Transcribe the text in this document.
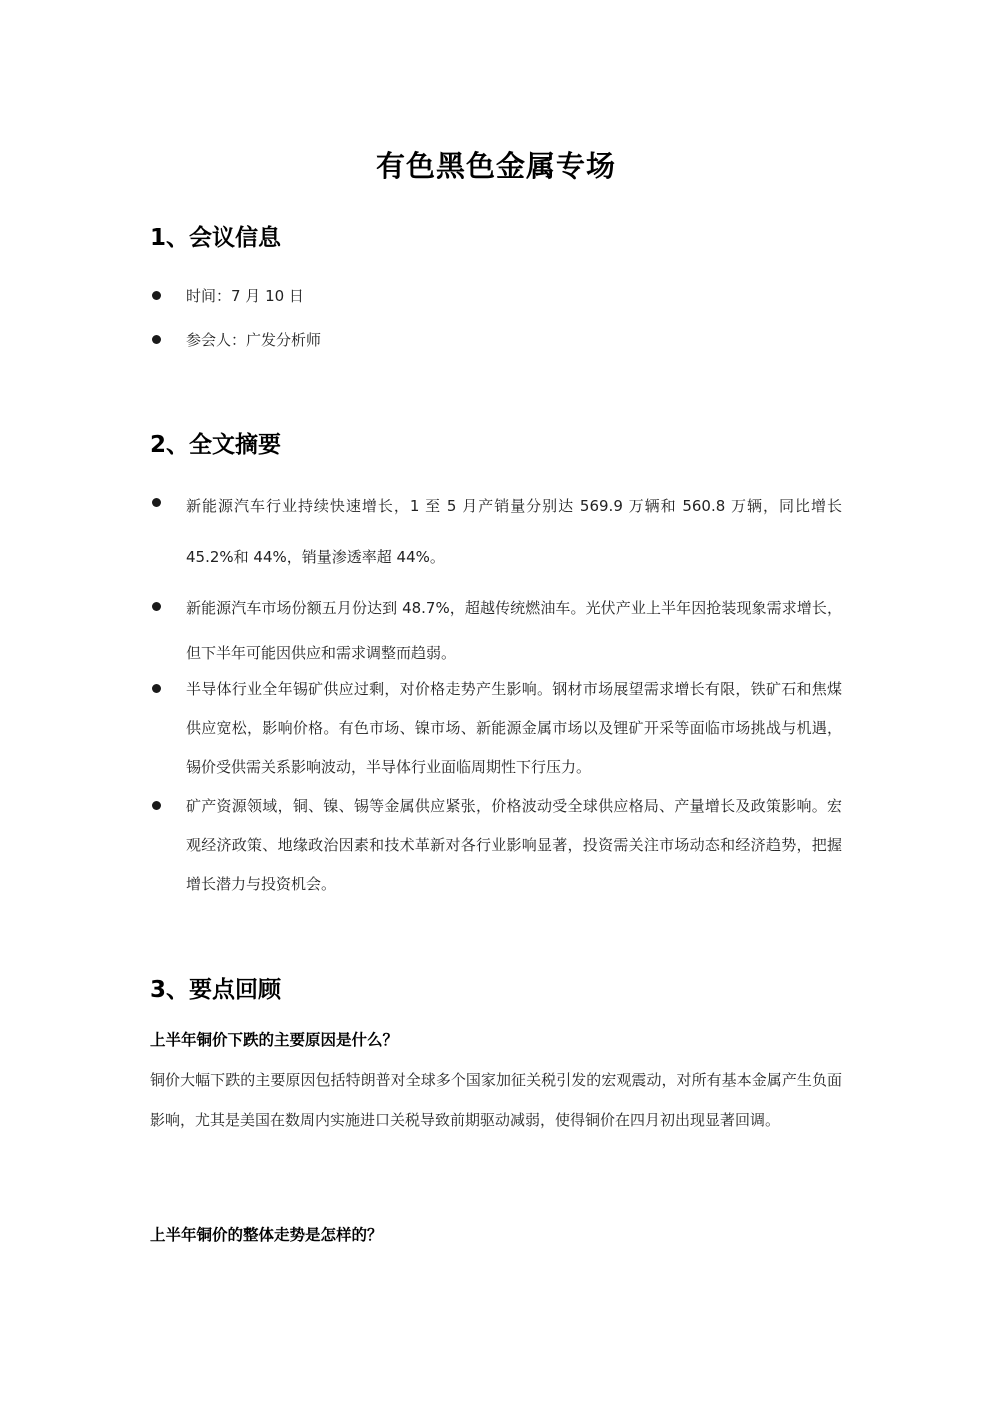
有色黑色金属专场
1、会议信息
时间：7 月 10 日
参会人：广发分析师
2、全文摘要
新能源汽车行业持续快速增长，1 至 5 月产销量分别达 569.9 万辆和 560.8 万辆，同比增长 45.2%和 44%，销量渗透率超 44%。
新能源汽车市场份额五月份达到 48.7%，超越传统燃油车。光伏产业上半年因抢装现象需求增长，但下半年可能因供应和需求调整而趋弱。
半导体行业全年锡矿供应过剩，对价格走势产生影响。钢材市场展望需求增长有限，铁矿石和焦煤供应宽松，影响价格。有色市场、镍市场、新能源金属市场以及锂矿开采等面临市场挑战与机遇，锡价受供需关系影响波动，半导体行业面临周期性下行压力。
矿产资源领域，铜、镍、锡等金属供应紧张，价格波动受全球供应格局、产量增长及政策影响。宏观经济政策、地缘政治因素和技术革新对各行业影响显著，投资需关注市场动态和经济趋势，把握增长潜力与投资机会。
3、要点回顾
上半年铜价下跌的主要原因是什么？
铜价大幅下跌的主要原因包括特朗普对全球多个国家加征关税引发的宏观震动，对所有基本金属产生负面影响，尤其是美国在数周内实施进口关税导致前期驱动减弱，使得铜价在四月初出现显著回调。
上半年铜价的整体走势是怎样的？
